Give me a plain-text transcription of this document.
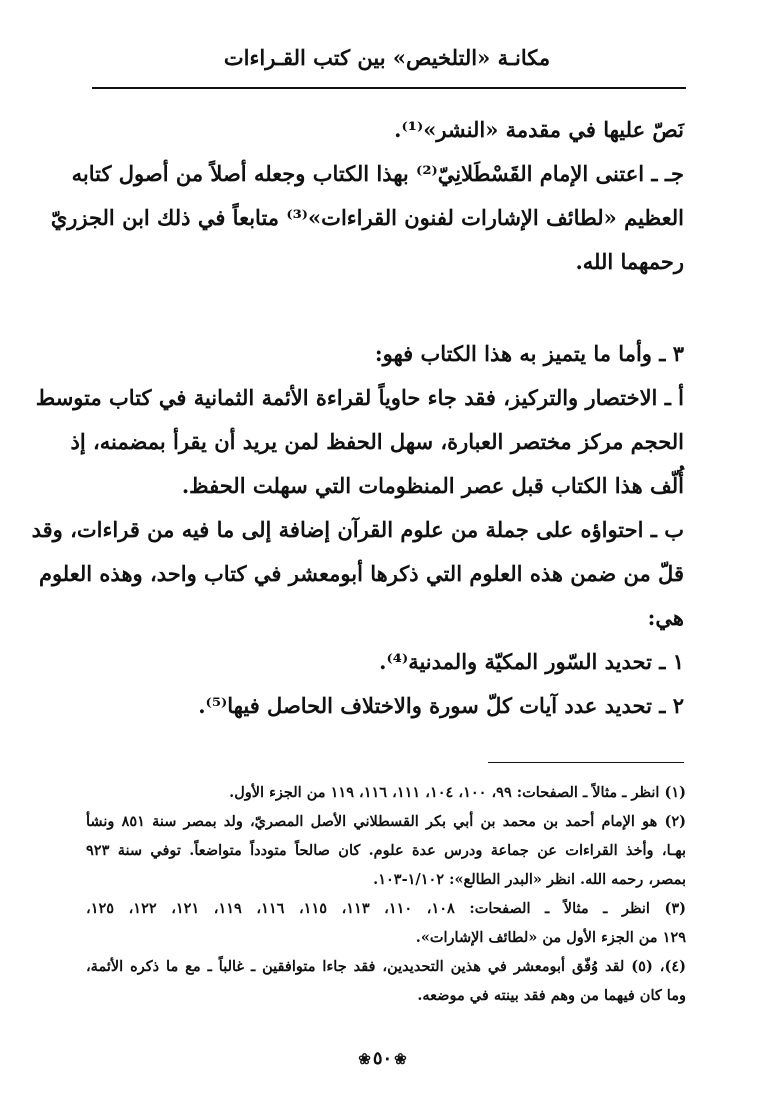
مكانـة «التلخيص» بين كتب القـراءات
نَصّ عليها في مقدمة «النشر»⁽¹⁾.
جـ ـ اعتنى الإمام القَسْطَلانِيّ⁽²⁾ بهذا الكتاب وجعله أصلاً من أصول كتابه
العظيم «لطائف الإشارات لفنون القراءات»⁽³⁾ متابعاً في ذلك ابن الجزريّ
رحمهما الله.
٣ ـ وأما ما يتميز به هذا الكتاب فهو:
أ ـ الاختصار والتركيز، فقد جاء حاوياً لقراءة الأئمة الثمانية في كتاب متوسط
الحجم مركز مختصر العبارة، سهل الحفظ لمن يريد أن يقرأ بمضمنه، إذ
أُلّف هذا الكتاب قبل عصر المنظومات التي سهلت الحفظ.
ب ـ احتواؤه على جملة من علوم القرآن إضافة إلى ما فيه من قراءات، وقد
قلّ من ضمن هذه العلوم التي ذكرها أبومعشر في كتاب واحد، وهذه العلوم
هي:
١ ـ تحديد السّور المكيّة والمدنية⁽⁴⁾.
٢ ـ تحديد عدد آيات كلّ سورة والاختلاف الحاصل فيها⁽⁵⁾.
(١) انظر ـ مثالاً ـ الصفحات: ٩٩، ١٠٠، ١٠٤، ١١١، ١١٦، ١١٩ من الجزء الأول.
(٢) هو الإمام أحمد بن محمد بن أبي بكر القسطلاني الأصل المصريّ، ولد بمصر سنة ٨٥١ ونشأ
بهـا، وأخذ القراءات عن جماعة ودرس عدة علوم. كان صالحاً متودداً متواضعاً. توفي سنة ٩٢٣
بمصر، رحمه الله. انظر «البدر الطالع»: ١/١٠٢-١٠٣.
(٣) انظر ـ مثالاً ـ الصفحات: ١٠٨، ١١٠، ١١٣، ١١٥، ١١٦، ١١٩، ١٢١، ١٢٢، ١٢٥،
١٢٩ من الجزء الأول من «لطائف الإشارات».
(٤)، (٥) لقد وُفّق أبومعشر في هذين التحديدين، فقد جاءا متوافقين ـ غالباً ـ مع ما ذكره الأئمة،
وما كان فيهما من وهم فقد بينته في موضعه.
❀
٥٠
❀
